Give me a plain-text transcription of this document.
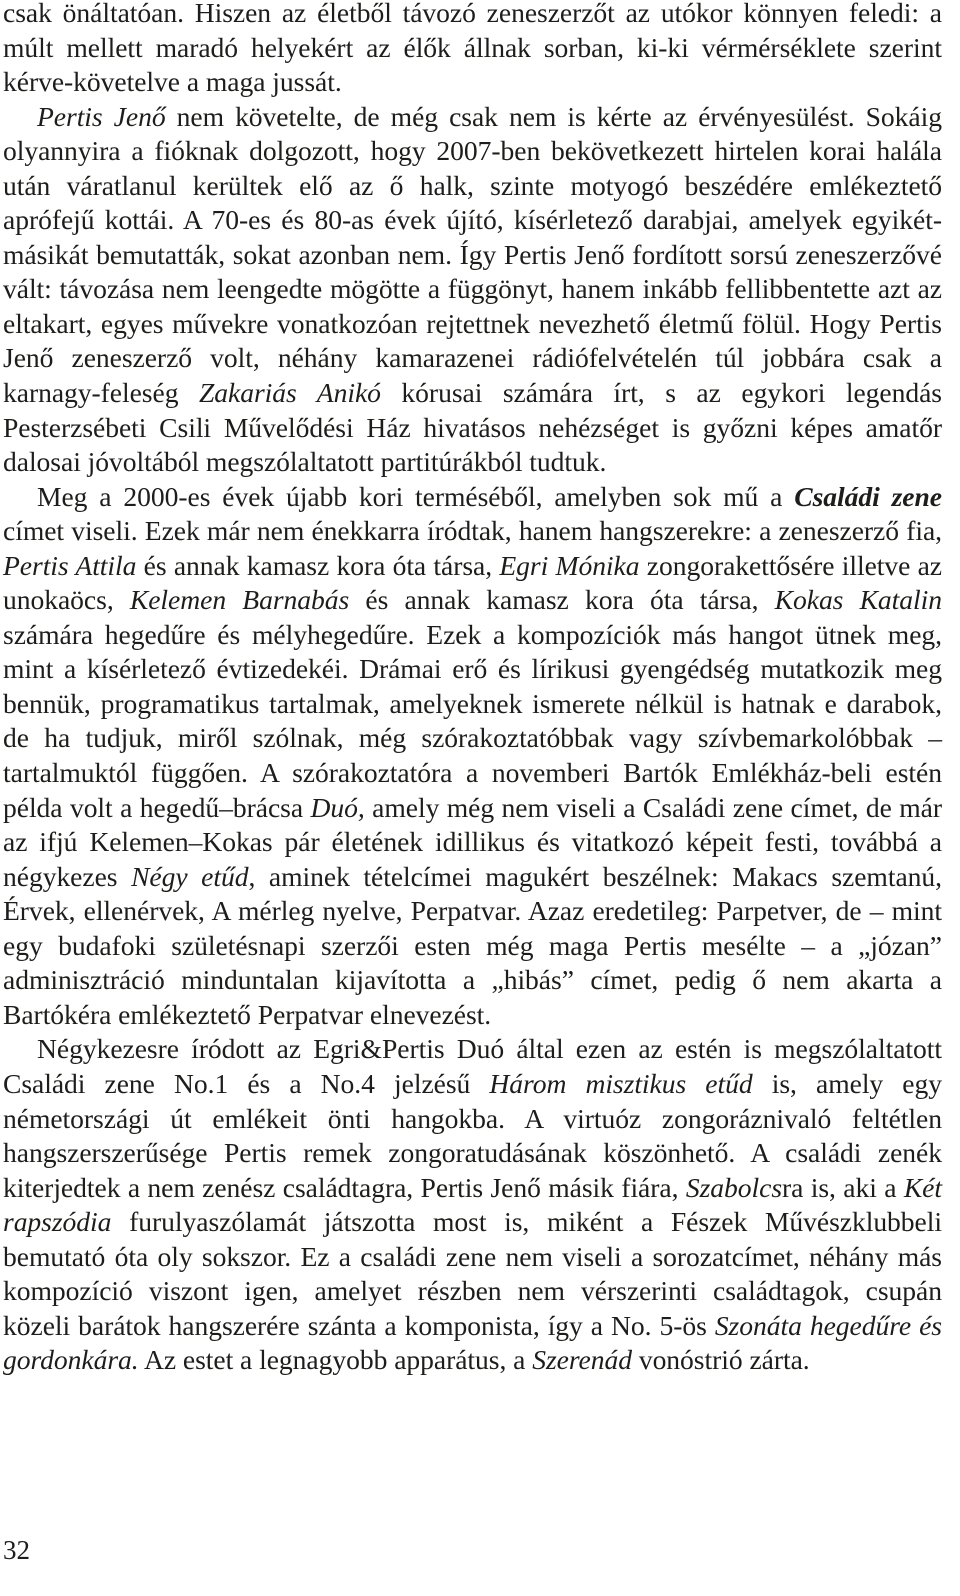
csak önáltatóan. Hiszen az életből távozó zeneszerzőt az utókor könnyen feledi: a múlt mellett maradó helyekért az élők állnak sorban, ki-ki vérmérséklete szerint kérve-követelve a maga jussát.

Pertis Jenő nem követelte, de még csak nem is kérte az érvényesülést. Sokáig olyannyira a fióknak dolgozott, hogy 2007-ben bekövetkezett hirtelen korai halála után váratlanul kerültek elő az ő halk, szinte motyogó beszédére emlékeztető aprófejű kottái. A 70-es és 80-as évek újító, kísérletező darabjai, amelyek egyikét-másikát bemutatták, sokat azonban nem. Így Pertis Jenő fordított sorsú zeneszerzővé vált: távozása nem leengedte mögötte a függönyt, hanem inkább fellibbentette azt az eltakart, egyes művekre vonatkozóan rejtettnek nevezhető életmű fölül. Hogy Pertis Jenő zeneszerző volt, néhány kamarazenei rádiófelvételén túl jobbára csak a karnagy-feleség Zakariás Anikó kórusai számára írt, s az egykori legendás Pesterzsébeti Csili Művelődési Ház hivatásos nehézséget is győzni képes amatőr dalosai jóvoltából megszólaltatott partitúrákból tudtuk.

Meg a 2000-es évek újabb kori terméséből, amelyben sok mű a Családi zene címet viseli. Ezek már nem énekkarra íródtak, hanem hangszerekre: a zeneszerző fia, Pertis Attila és annak kamasz kora óta társa, Egri Mónika zongorakettősére illetve az unokaöcs, Kelemen Barnabás és annak kamasz kora óta társa, Kokas Katalin számára hegedűre és mélyhegedűre. Ezek a kompozíciók más hangot ütnek meg, mint a kísérletező évtizedekéi. Drámai erő és lírikusi gyengédség mutatkozik meg bennük, programatikus tartalmak, amelyeknek ismerete nélkül is hatnak e darabok, de ha tudjuk, miről szólnak, még szórakoztatóbbak vagy szívbemarkolóbbak – tartalmuktól függően. A szórakoztatóra a novemberi Bartók Emlékház-beli estén példa volt a hegedű–brácsa Duó, amely még nem viseli a Családi zene címet, de már az ifjú Kelemen–Kokas pár életének idillikus és vitatkozó képeit festi, továbbá a négykezes Négy etűd, aminek tételcímei magukért beszélnek: Makacs szemtanú, Érvek, ellenérvek, A mérleg nyelve, Perpatvar. Azaz eredetileg: Parpetver, de – mint egy budafoki születésnapi szerzői esten még maga Pertis mesélte – a „józan” adminisztráció minduntalan kijavította a „hibás” címet, pedig ő nem akarta a Bartókéra emlékeztető Perpatvar elnevezést.

Négykezesre íródott az Egri&Pertis Duó által ezen az estén is megszólaltatott Családi zene No.1 és a No.4 jelzésű Három misztikus etűd is, amely egy németországi út emlékeit önti hangokba. A virtuóz zongoráznivaló feltétlen hangszerszerűsége Pertis remek zongoratudásának köszönhető. A családi zenék kiterjedtek a nem zenész családtagra, Pertis Jenő másik fiára, Szabolcsra is, aki a Két rapszódia furulyaszólamát játszotta most is, miként a Fészek Művészklubbeli bemutató óta oly sokszor. Ez a családi zene nem viseli a sorozatcímet, néhány más kompozíció viszont igen, amelyet részben nem vérszerinti családtagok, csupán közeli barátok hangszerére szánta a komponista, így a No. 5-ös Szonáta hegedűre és gordonkára. Az estet a legnagyobb apparátus, a Szerenád vonóstrió zárta.

32
